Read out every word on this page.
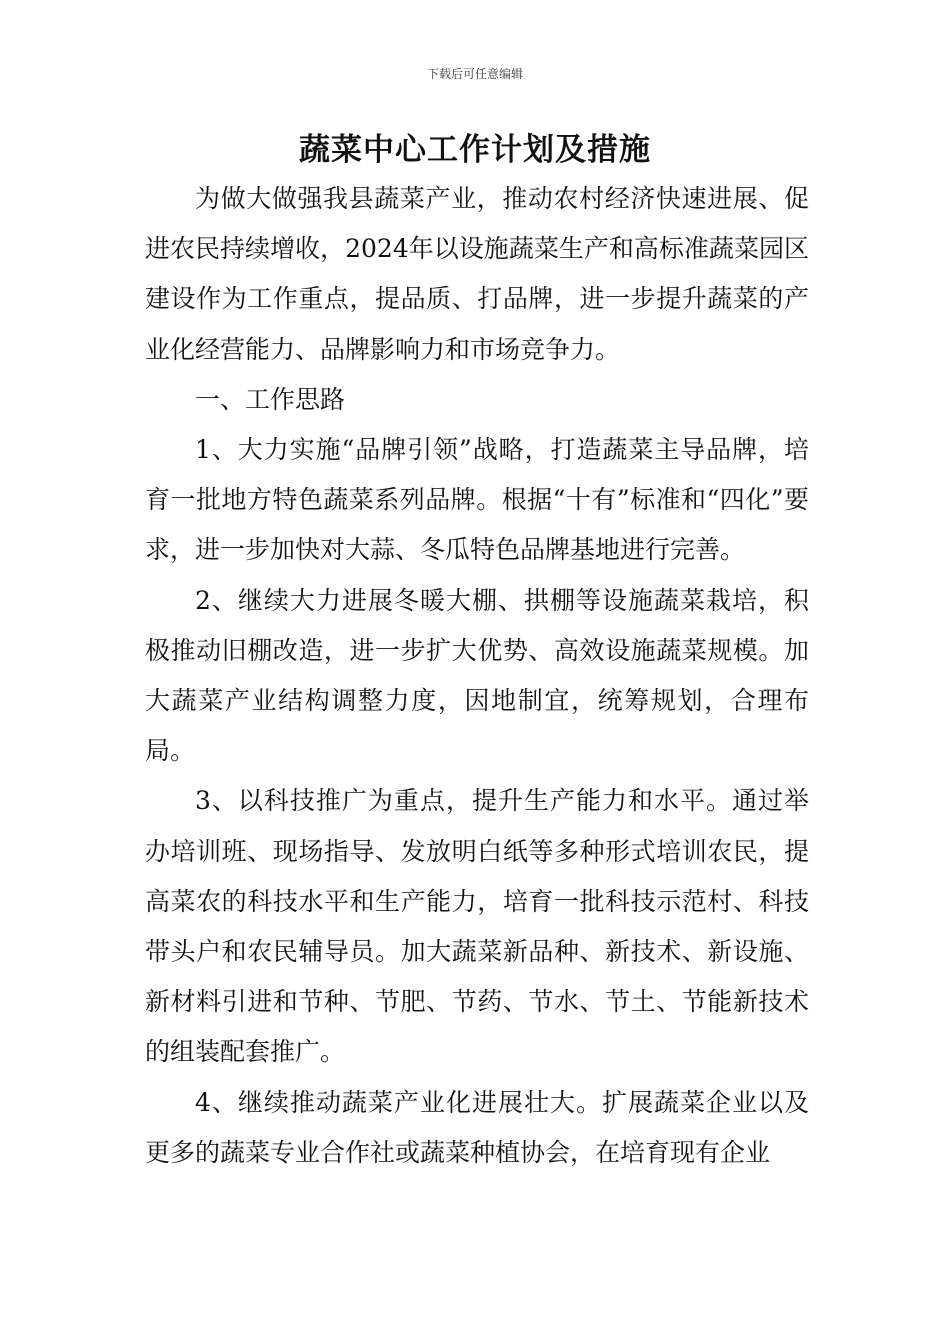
下载后可任意编辑
蔬菜中心工作计划及措施

为做大做强我县蔬菜产业，推动农村经济快速进展、促进农民持续增收，2024年以设施蔬菜生产和高标准蔬菜园区建设作为工作重点，提品质、打品牌，进一步提升蔬菜的产业化经营能力、品牌影响力和市场竞争力。

一、工作思路

1、大力实施“品牌引领”战略，打造蔬菜主导品牌，培育一批地方特色蔬菜系列品牌。根据“十有”标准和“四化”要求，进一步加快对大蒜、冬瓜特色品牌基地进行完善。

2、继续大力进展冬暖大棚、拱棚等设施蔬菜栽培，积极推动旧棚改造，进一步扩大优势、高效设施蔬菜规模。加大蔬菜产业结构调整力度，因地制宜，统筹规划，合理布局。

3、以科技推广为重点，提升生产能力和水平。通过举办培训班、现场指导、发放明白纸等多种形式培训农民，提高菜农的科技水平和生产能力，培育一批科技示范村、科技带头户和农民辅导员。加大蔬菜新品种、新技术、新设施、新材料引进和节种、节肥、节药、节水、节土、节能新技术的组装配套推广。

4、继续推动蔬菜产业化进展壮大。扩展蔬菜企业以及更多的蔬菜专业合作社或蔬菜种植协会，在培育现有企业
